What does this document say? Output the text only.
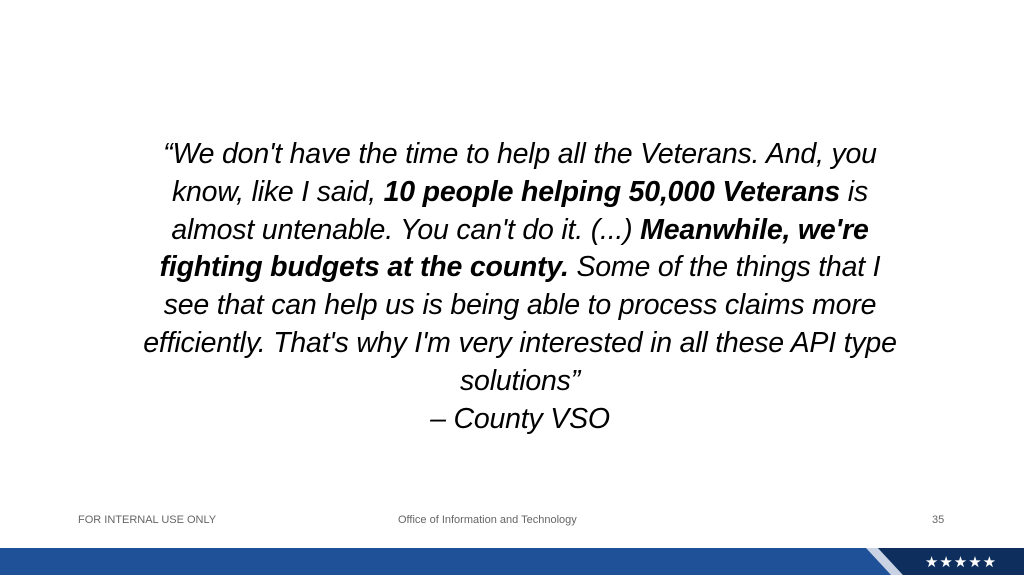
“We don't have the time to help all the Veterans. And, you know, like I said, 10 people helping 50,000 Veterans is almost untenable. You can't do it. (...) Meanwhile, we're fighting budgets at the county. Some of the things that I see that can help us is being able to process claims more efficiently. That's why I'm very interested in all these API type solutions”
– County VSO

FOR INTERNAL USE ONLY	Office of Information and Technology	35
★★★★★
